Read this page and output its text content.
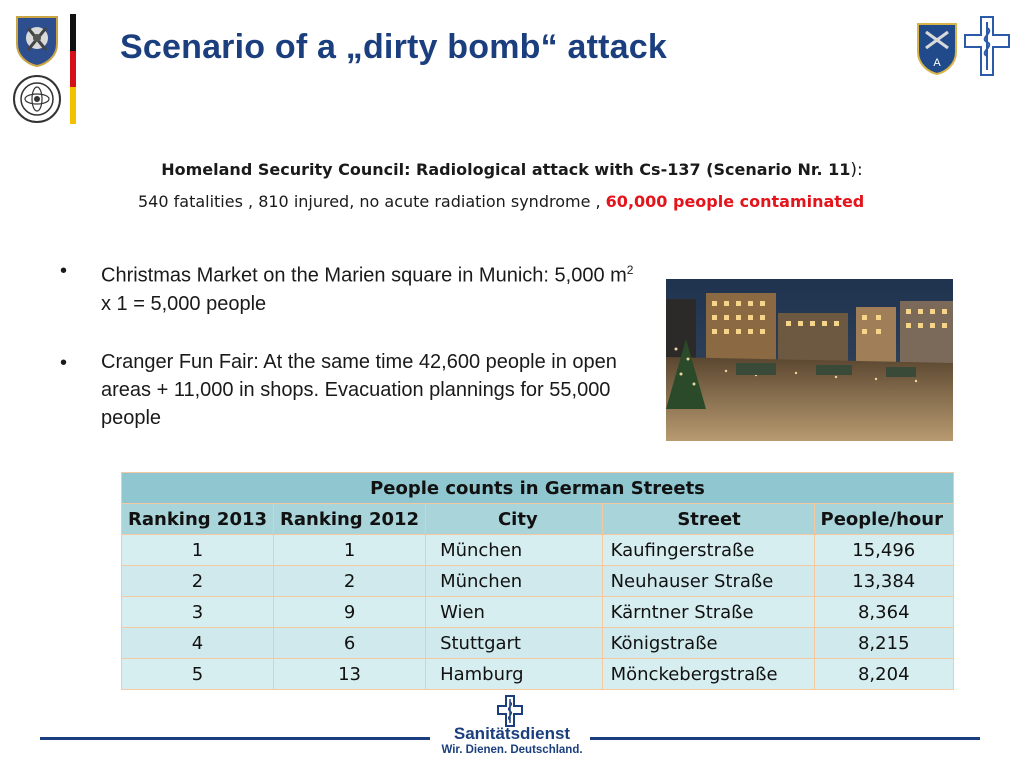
Scenario of a „dirty bomb“ attack	A
Homeland Security Council: Radiological attack with Cs-137 (Scenario Nr. 11):
540 fatalities , 810 injured, no acute radiation syndrome , 60,000 people contaminated
• Christmas Market on the Marien square in Munich: 5,000 $m^2$ x 1 = 5,000 people
• Cranger Fun Fair: At the same time 42,600 people in open areas + 11,000 in shops. Evacuation plannings for 55,000 people
People counts in German Streets				
Ranking 2013	Ranking 2012	City	Street	People/hour
1	1	München	Kaufingerstraße	15,496
2	2	München	Neuhauser Straße	13,384
3	9	Wien	Kärntner Straße	8,364
4	6	Stuttgart	Königstraße	8,215
5	13	Hamburg	Mönckebergstraße	8,204
Sanitätsdienst
Wir. Dienen. Deutschland.
